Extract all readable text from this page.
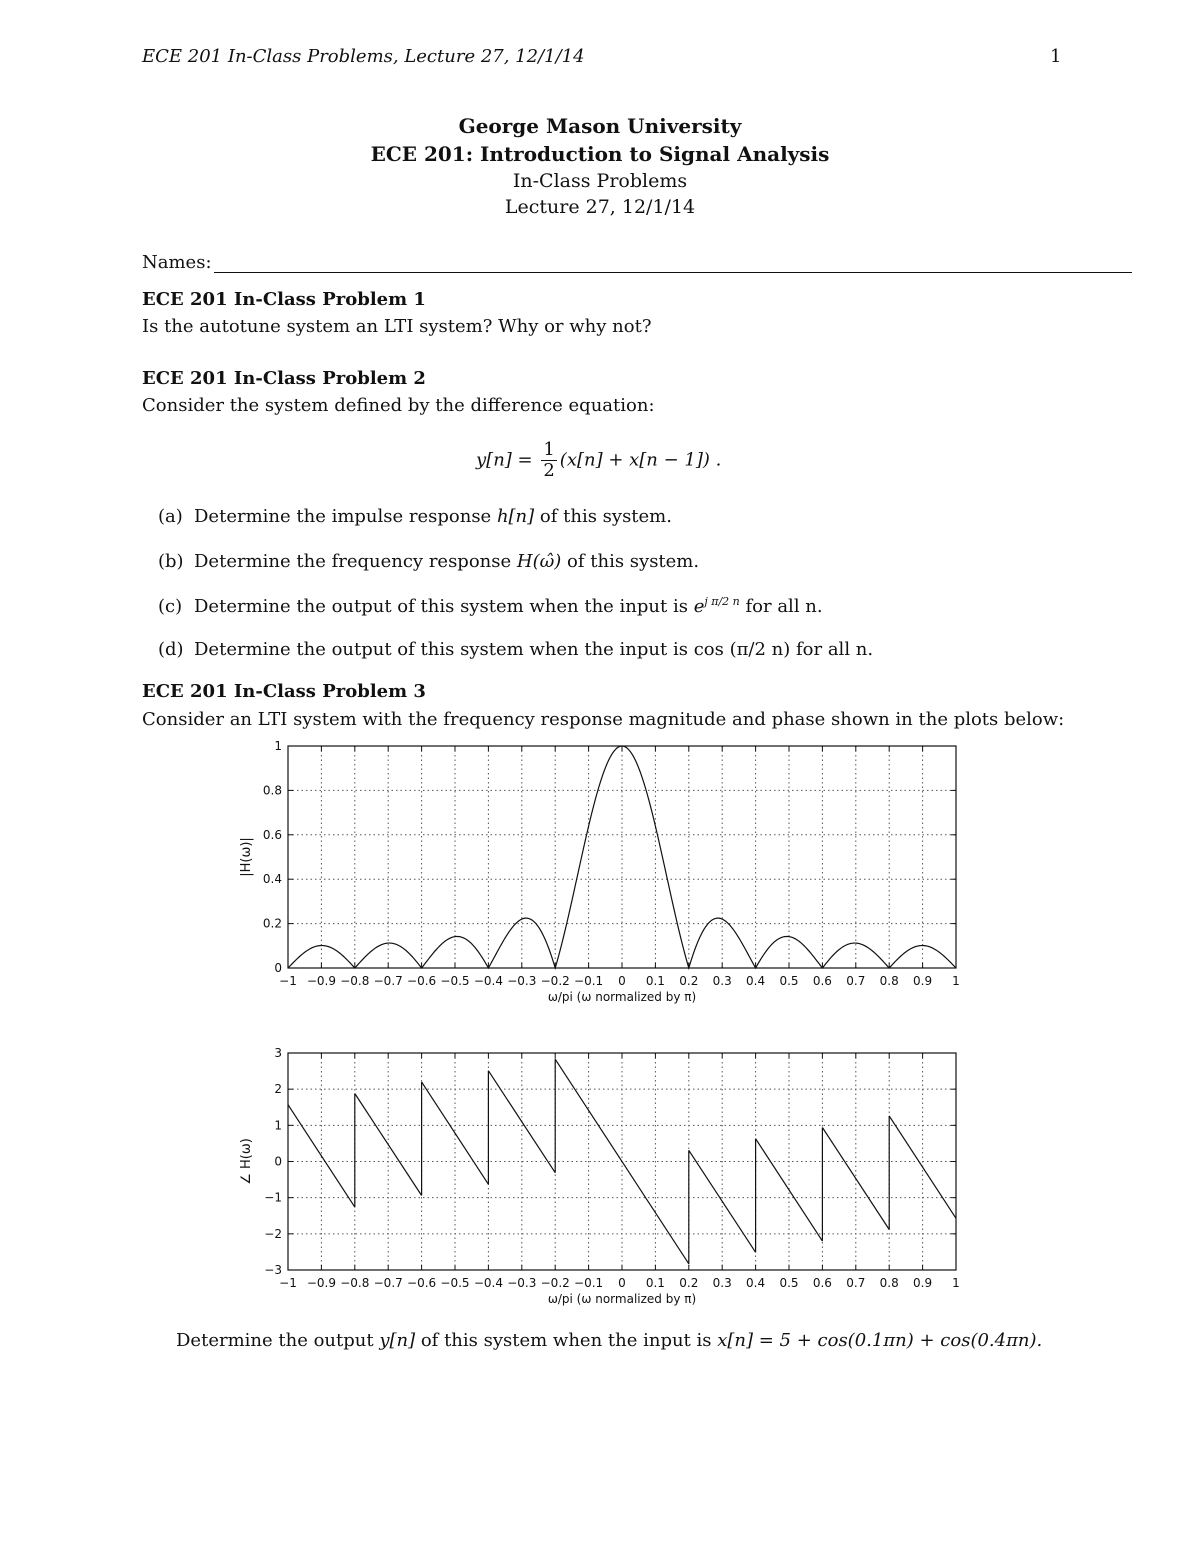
ECE 201 In-Class Problems, Lecture 27, 12/1/14	1
George Mason University
ECE 201: Introduction to Signal Analysis
In-Class Problems
Lecture 27, 12/1/14
Names:
ECE 201 In-Class Problem 1
Is the autotune system an LTI system? Why or why not?
ECE 201 In-Class Problem 2
Consider the system defined by the difference equation:
$y[n] = \frac{1}{2} (x[n] + x[n - 1])$ .
(a) Determine the impulse response h[n] of this system.
(b) Determine the frequency response H(ω̂) of this system.
(c) Determine the output of this system when the input is $e^{j \pi/2 n}$ for all n.
(d) Determine the output of this system when the input is cos (π/2 n) for all n.
ECE 201 In-Class Problem 3
Consider an LTI system with the frequency response magnitude and phase shown in the plots below:
−1 −0.9 −0.8 −0.7 −0.6 −0.5 −0.4 −0.3 −0.2 −0.1 0 0.1 0.2 0.3 0.4 0.5 0.6 0.7 0.8 0.9 1
0
0.2
0.4
0.6
0.8
1
ω/pi (ω normalized by π)
|H(ω)|
−1 −0.9 −0.8 −0.7 −0.6 −0.5 −0.4 −0.3 −0.2 −0.1 0 0.1 0.2 0.3 0.4 0.5 0.6 0.7 0.8 0.9 1
3
2
1
0
−1
−2
−3
ω/pi (ω normalized by π)
∠ H(ω)
Determine the output y[n] of this system when the input is x[n] = 5 + cos(0.1πn) + cos(0.4πn).
